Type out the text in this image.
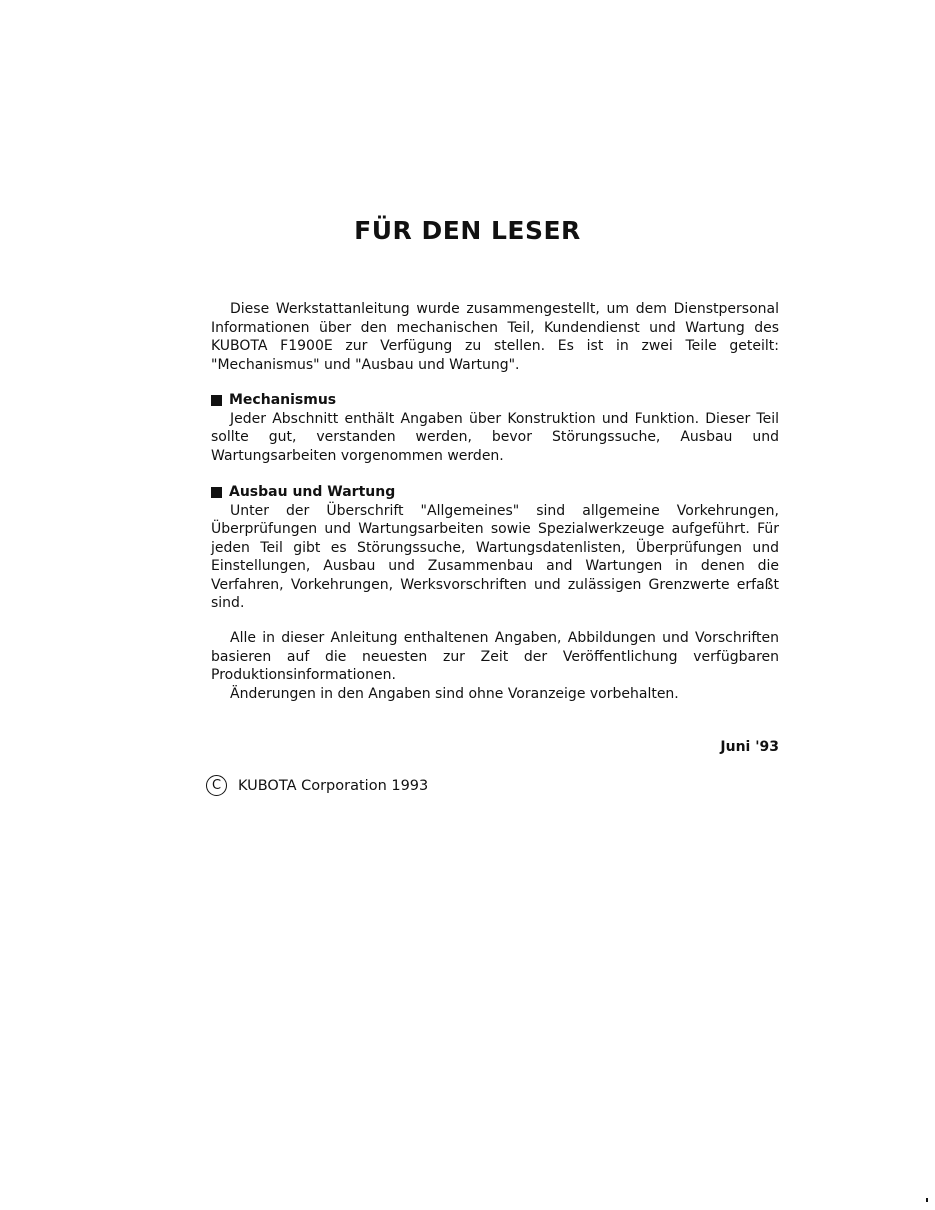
FÜR DEN LESER
Diese Werkstattanleitung wurde zusammengestellt, um dem Dienstpersonal
Informationen über den mechanischen Teil, Kundendienst und Wartung des
KUBOTA F1900E zur Verfügung zu stellen. Es ist in zwei Teile geteilt:
"Mechanismus" und "Ausbau und Wartung".
Mechanismus
Jeder Abschnitt enthält Angaben über Konstruktion und Funktion. Dieser Teil
sollte gut, verstanden werden, bevor Störungssuche, Ausbau und
Wartungsarbeiten vorgenommen werden.
Ausbau und Wartung
Unter der Überschrift "Allgemeines" sind allgemeine Vorkehrungen,
Überprüfungen und Wartungsarbeiten sowie Spezialwerkzeuge aufgeführt. Für
jeden Teil gibt es Störungssuche, Wartungsdatenlisten, Überprüfungen und
Einstellungen, Ausbau und Zusammenbau and Wartungen in denen die
Verfahren, Vorkehrungen, Werksvorschriften und zulässigen Grenzwerte erfaßt
sind.
Alle in dieser Anleitung enthaltenen Angaben, Abbildungen und Vorschriften
basieren auf die neuesten zur Zeit der Veröffentlichung verfügbaren
Produktionsinformationen.
Änderungen in den Angaben sind ohne Voranzeige vorbehalten.
Juni '93
C	KUBOTA Corporation 1993
